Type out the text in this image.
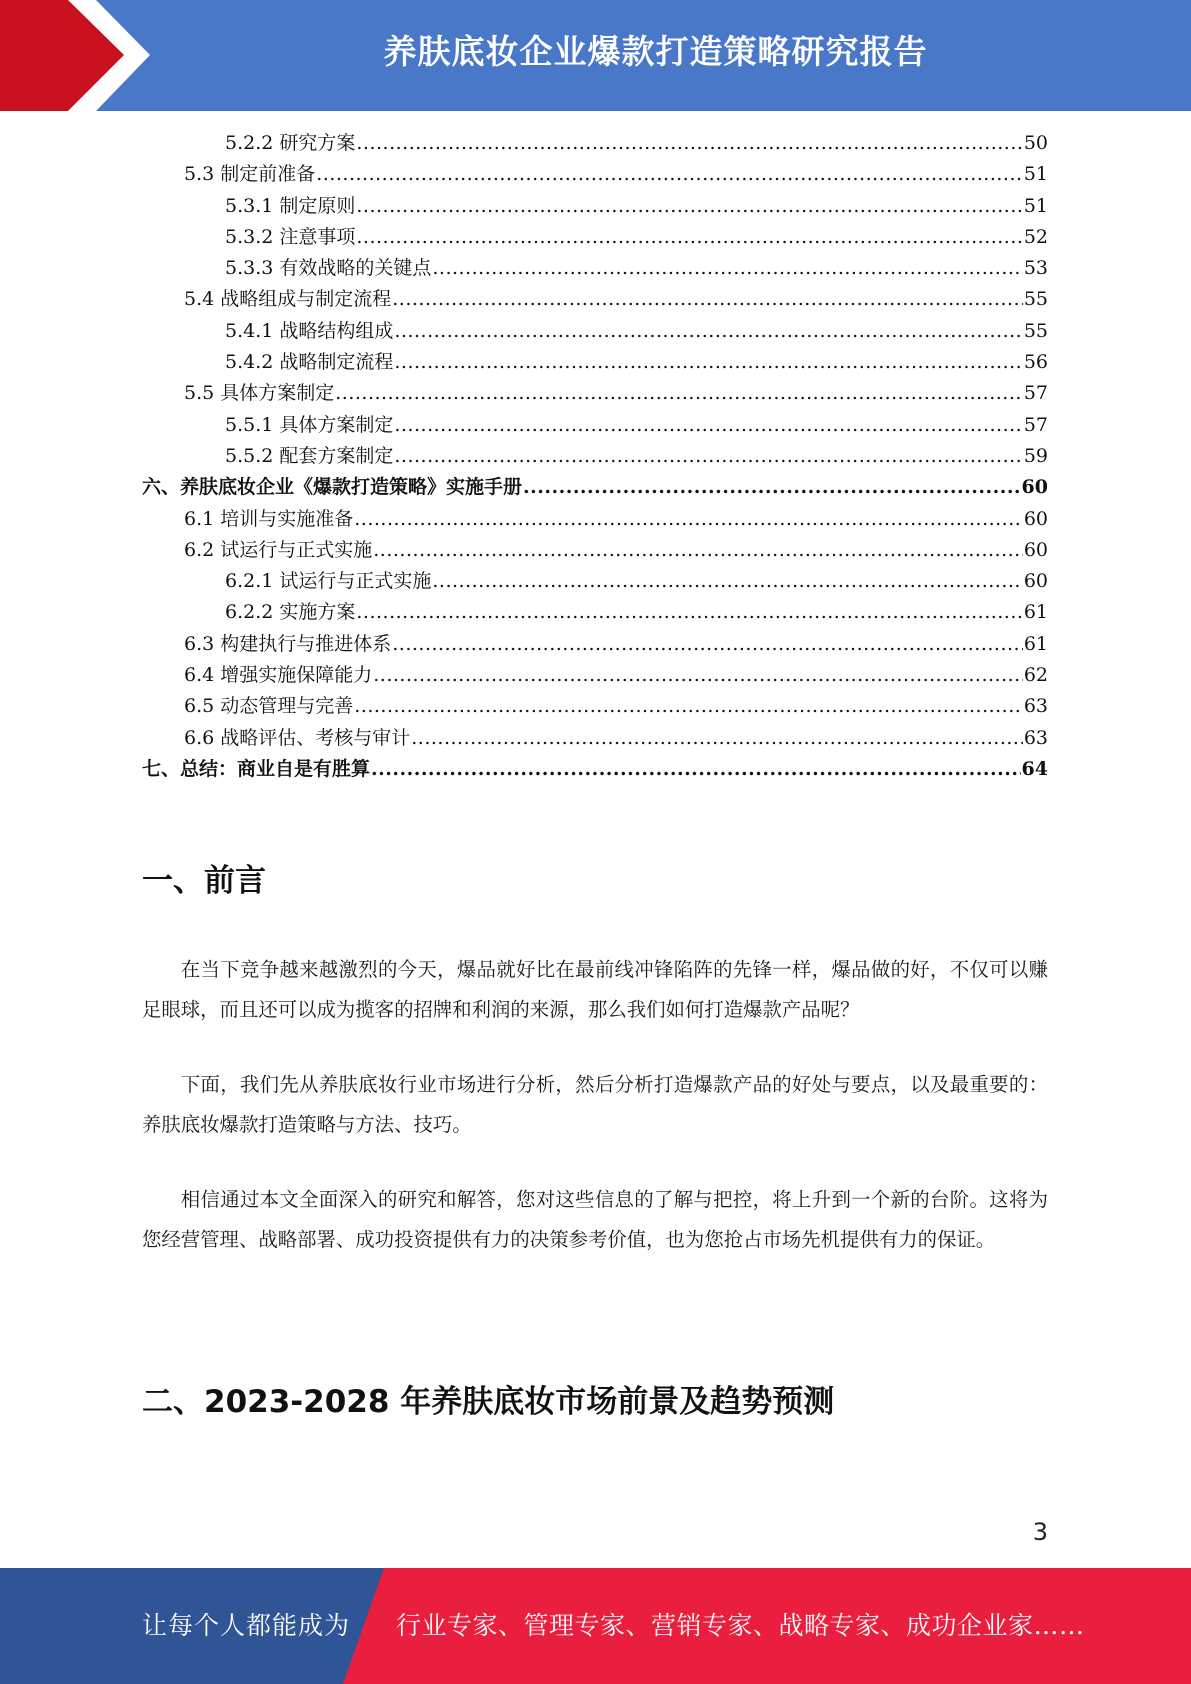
养肤底妆企业爆款打造策略研究报告
5.2.2 研究方案 .....	50
5.3 制定前准备 .....	51
5.3.1 制定原则 .....	51
5.3.2 注意事项 .....	52
5.3.3 有效战略的关键点 .....	53
5.4 战略组成与制定流程 .....	55
5.4.1 战略结构组成 .....	55
5.4.2 战略制定流程 .....	56
5.5 具体方案制定 .....	57
5.5.1 具体方案制定 .....	57
5.5.2 配套方案制定 .....	59
六、养肤底妆企业《爆款打造策略》实施手册 .....	60
6.1 培训与实施准备 .....	60
6.2 试运行与正式实施 .....	60
6.2.1 试运行与正式实施 .....	60
6.2.2 实施方案 .....	61
6.3 构建执行与推进体系 .....	61
6.4 增强实施保障能力 .....	62
6.5 动态管理与完善 .....	63
6.6 战略评估、考核与审计 .....	63
七、总结：商业自是有胜算 .....	64
一、前言

在当下竞争越来越激烈的今天，爆品就好比在最前线冲锋陷阵的先锋一样，爆品做的好，不仅可以赚足眼球，而且还可以成为揽客的招牌和利润的来源，那么我们如何打造爆款产品呢？

下面，我们先从养肤底妆行业市场进行分析，然后分析打造爆款产品的好处与要点，以及最重要的：养肤底妆爆款打造策略与方法、技巧。

相信通过本文全面深入的研究和解答，您对这些信息的了解与把控，将上升到一个新的台阶。这将为您经营管理、战略部署、成功投资提供有力的决策参考价值，也为您抢占市场先机提供有力的保证。

二、2023-2028 年养肤底妆市场前景及趋势预测
3
让每个人都能成为 行业专家、管理专家、营销专家、战略专家、成功企业家……
